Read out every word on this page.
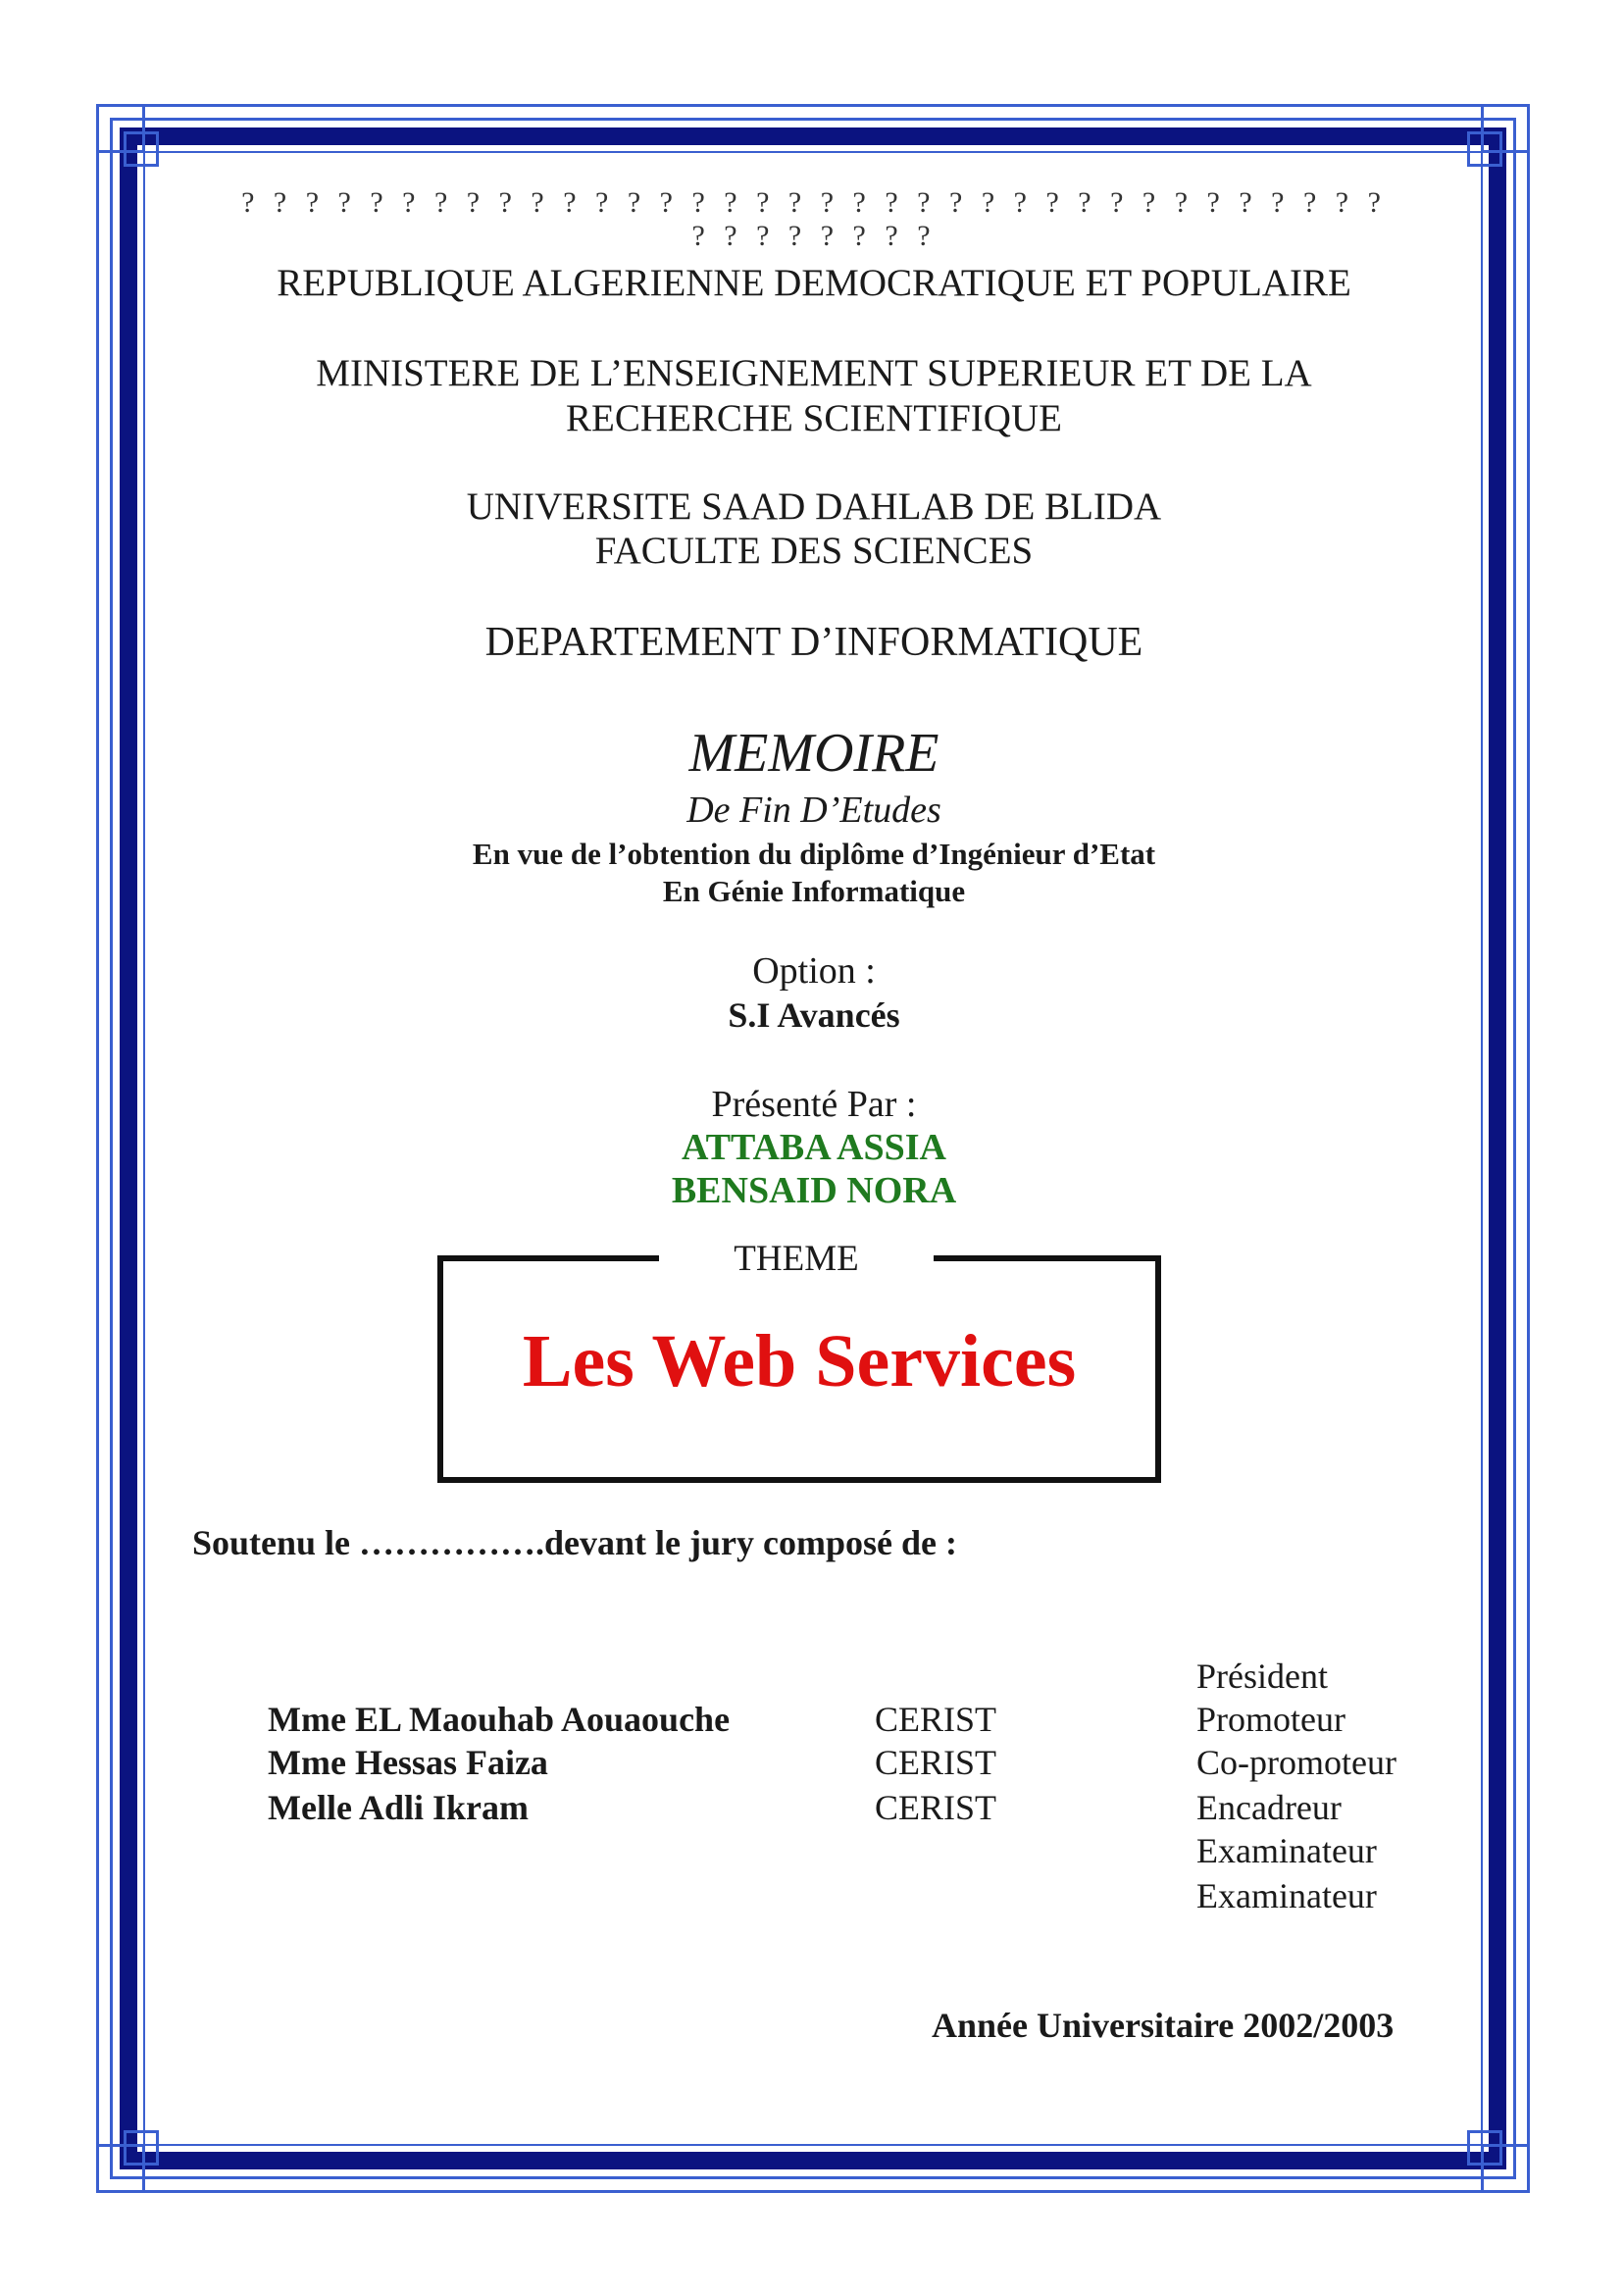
? ? ? ? ? ? ? ? ? ? ? ? ? ? ? ? ? ? ? ? ? ? ? ? ? ? ? ? ? ? ? ? ? ? ? ? ? ? ? ? ? ? ? ?
REPUBLIQUE ALGERIENNE DEMOCRATIQUE ET POPULAIRE
MINISTERE DE L’ENSEIGNEMENT SUPERIEUR ET DE LA
RECHERCHE SCIENTIFIQUE
UNIVERSITE SAAD DAHLAB DE BLIDA
FACULTE DES SCIENCES
DEPARTEMENT D’INFORMATIQUE
MEMOIRE
De Fin D’Etudes
En vue de l’obtention du diplôme d’Ingénieur d’Etat
En Génie Informatique
Option :
S.I Avancés
Présenté Par :
ATTABA ASSIA
BENSAID NORA
THEME
Les Web Services
Soutenu le …………….devant le jury composé de :
Mme EL Maouhab Aouaouche
Mme Hessas Faiza
Melle Adli Ikram
CERIST
CERIST
CERIST
Président
Promoteur
Co-promoteur
Encadreur
Examinateur
Examinateur
Année Universitaire 2002/2003
